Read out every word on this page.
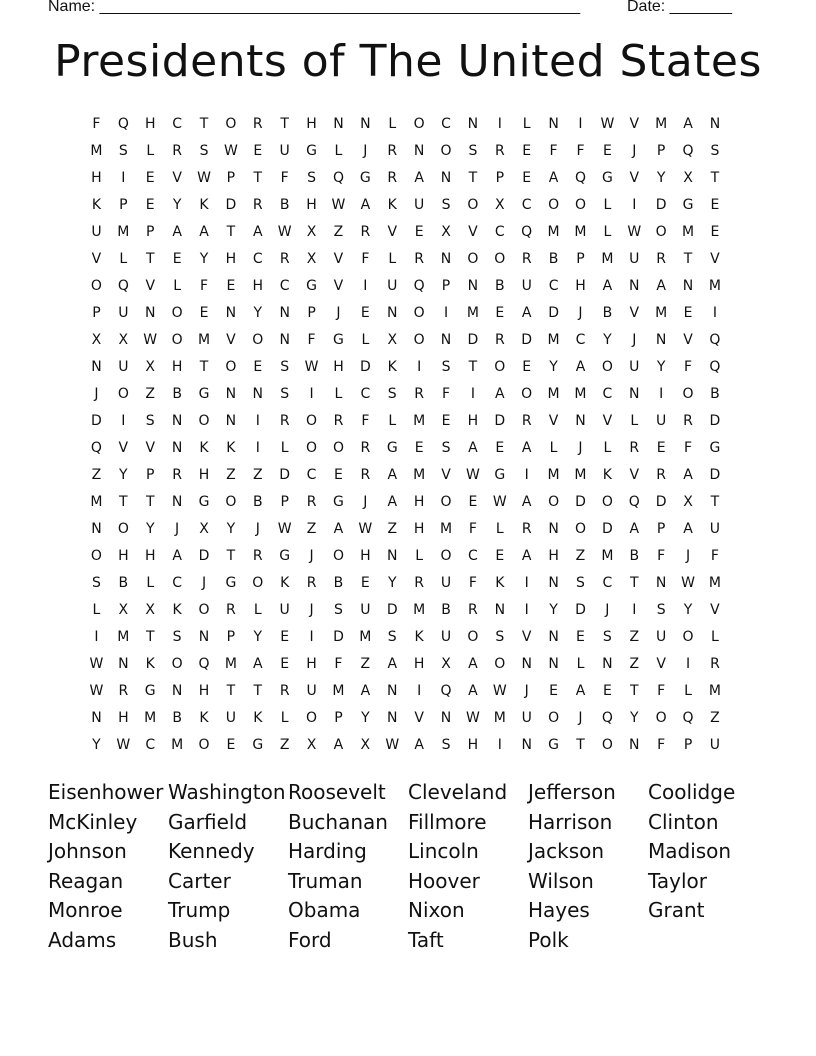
Name: ______________________________________________________	Date: _______
Presidents of The United States
F	Q	H	C	T	O	R	T	H	N	N	L	O	C	N	I	L	N	I	W	V	M	A	N
M	S	L	R	S	W	E	U	G	L	J	R	N	O	S	R	E	F	F	E	J	P	Q	S
H	I	E	V	W	P	T	F	S	Q	G	R	A	N	T	P	E	A	Q	G	V	Y	X	T
K	P	E	Y	K	D	R	B	H	W	A	K	U	S	O	X	C	O	O	L	I	D	G	E
U	M	P	A	A	T	A	W	X	Z	R	V	E	X	V	C	Q	M	M	L	W	O	M	E
V	L	T	E	Y	H	C	R	X	V	F	L	R	N	O	O	R	B	P	M	U	R	T	V
O	Q	V	L	F	E	H	C	G	V	I	U	Q	P	N	B	U	C	H	A	N	A	N	M
P	U	N	O	E	N	Y	N	P	J	E	N	O	I	M	E	A	D	J	B	V	M	E	I
X	X	W	O	M	V	O	N	F	G	L	X	O	N	D	R	D	M	C	Y	J	N	V	Q
N	U	X	H	T	O	E	S	W	H	D	K	I	S	T	O	E	Y	A	O	U	Y	F	Q
J	O	Z	B	G	N	N	S	I	L	C	S	R	F	I	A	O	M	M	C	N	I	O	B
D	I	S	N	O	N	I	R	O	R	F	L	M	E	H	D	R	V	N	V	L	U	R	D
Q	V	V	N	K	K	I	L	O	O	R	G	E	S	A	E	A	L	J	L	R	E	F	G
Z	Y	P	R	H	Z	Z	D	C	E	R	A	M	V	W	G	I	M	M	K	V	R	A	D
M	T	T	N	G	O	B	P	R	G	J	A	H	O	E	W	A	O	D	O	Q	D	X	T
N	O	Y	J	X	Y	J	W	Z	A	W	Z	H	M	F	L	R	N	O	D	A	P	A	U
O	H	H	A	D	T	R	G	J	O	H	N	L	O	C	E	A	H	Z	M	B	F	J	F
S	B	L	C	J	G	O	K	R	B	E	Y	R	U	F	K	I	N	S	C	T	N	W M
L	X	X	K	O	R	L	U	J	S	U	D	M	B	R	N	I	Y	D	J	I	S	Y	V
I	M	T	S	N	P	Y	E	I	D	M	S	K	U	O	S	V	N	E	S	Z	U	O	L
W	N	K	O	Q	M	A	E	H	F	Z	A	H	X	A	O	N	N	L	N	Z	V	I	R
W	R	G	N	H	T	T	R	U	M	A	N	I	Q	A	W	J	E	A	E	T	F	L	M
N	H	M	B	K	U	K	L	O	P	Y	N	V	N	W M	U	O	J	Q	Y	O	Q	Z
Y	W	C	M	O	E	G	Z	X	A	X	W	A	S	H	I	N	G	T	O	N	F	P	U
Eisenhower Washington Roosevelt	Cleveland	Jefferson	Coolidge
McKinley	Garfield	Buchanan	Fillmore	Harrison	Clinton
Johnson	Kennedy	Harding	Lincoln	Jackson	Madison
Reagan	Carter	Truman	Hoover	Wilson	Taylor
Monroe	Trump	Obama	Nixon	Hayes	Grant
Adams	Bush	Ford	Taft	Polk
